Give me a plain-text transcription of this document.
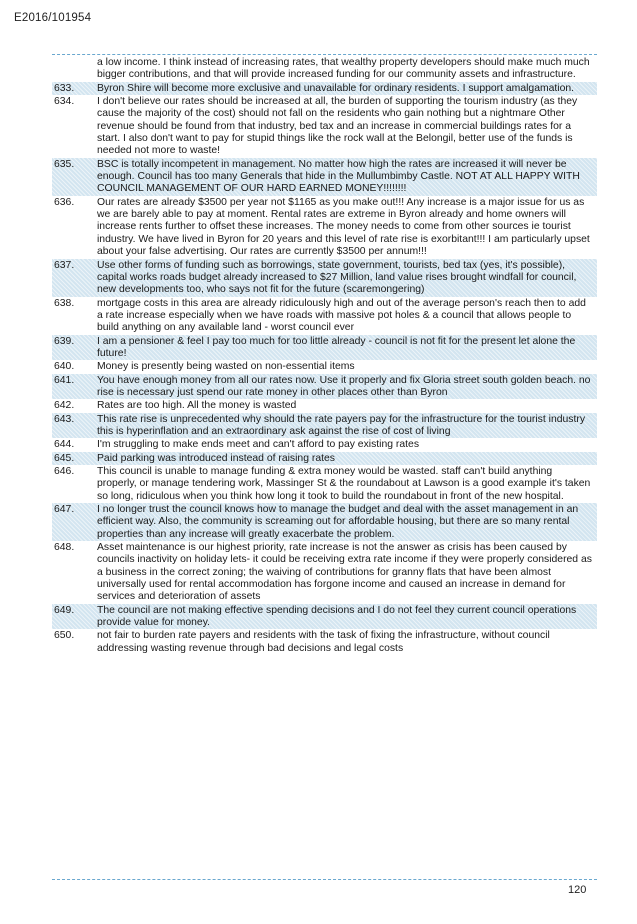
E2016/101954
a low income. I think instead of increasing rates, that wealthy property developers should make much much bigger contributions, and that will provide increased funding for our community assets and infrastructure.
633.	Byron Shire will become more exclusive and unavailable for ordinary residents. I support amalgamation.
634.	I don't believe our rates should be increased at all, the burden of supporting the tourism industry (as they cause the majority of the cost) should not fall on the residents who gain nothing but a nightmare Other revenue should be found from that industry, bed tax and an increase in commercial buildings rates for a start. I also don't want to pay for stupid things like the rock wall at the Belongil, better use of the funds is needed not more to waste!
635.	BSC is totally incompetent in management. No matter how high the rates are increased it will never be enough. Council has too many Generals that hide in the Mullumbimby Castle. NOT AT ALL HAPPY WITH COUNCIL MANAGEMENT OF OUR HARD EARNED MONEY!!!!!!!!
636.	Our rates are already $3500 per year not $1165 as you make out!!! Any increase is a major issue for us as we are barely able to pay at moment. Rental rates are extreme in Byron already and home owners will increase rents further to offset these increases. The money needs to come from other sources ie tourist industry. We have lived in Byron for 20 years and this level of rate rise is exorbitant!!! I am particularly upset about your false advertising. Our rates are currently $3500 per annum!!!
637.	Use other forms of funding such as borrowings, state government, tourists, bed tax (yes, it's possible), capital works roads budget already increased to $27 Million, land value rises brought windfall for council, new developments too, who says not fit for the future (scaremongering)
638.	mortgage costs in this area are already ridiculously high and out of the average person's reach then to add a rate increase especially when we have roads with massive pot holes & a council that allows people to build anything on any available land - worst council ever
639.	I am a pensioner & feel I pay too much for too little already - council is not fit for the present let alone the future!
640.	Money is presently being wasted on non-essential items
641.	You have enough money from all our rates now. Use it properly and fix Gloria street south golden beach. no rise is necessary just spend our rate money in other places other than Byron
642.	Rates are too high. All the money is wasted
643.	This rate rise is unprecedented why should the rate payers pay for the infrastructure for the tourist industry this is hyperinflation and an extraordinary ask against the rise of cost of living
644.	I'm struggling to make ends meet and can't afford to pay existing rates
645.	Paid parking was introduced instead of raising rates
646.	This council is unable to manage funding & extra money would be wasted. staff can't build anything properly, or manage tendering work, Massinger St & the roundabout at Lawson is a good example it's taken so long, ridiculous when you think how long it took to build the roundabout in front of the new hospital.
647.	I no longer trust the council knows how to manage the budget and deal with the asset management in an efficient way. Also, the community is screaming out for affordable housing, but there are so many rental properties than any increase will greatly exacerbate the problem.
648.	Asset maintenance is our highest priority, rate increase is not the answer as crisis has been caused by councils inactivity on holiday lets- it could be receiving extra rate income if they were properly considered as a business in the correct zoning; the waiving of contributions for granny flats that have been almost universally used for rental accommodation has forgone income and caused an increase in demand for services and deterioration of assets
649.	The council are not making effective spending decisions and I do not feel they current council operations provide value for money.
650.	not fair to burden rate payers and residents with the task of fixing the infrastructure, without council addressing wasting revenue through bad decisions and legal costs
120
